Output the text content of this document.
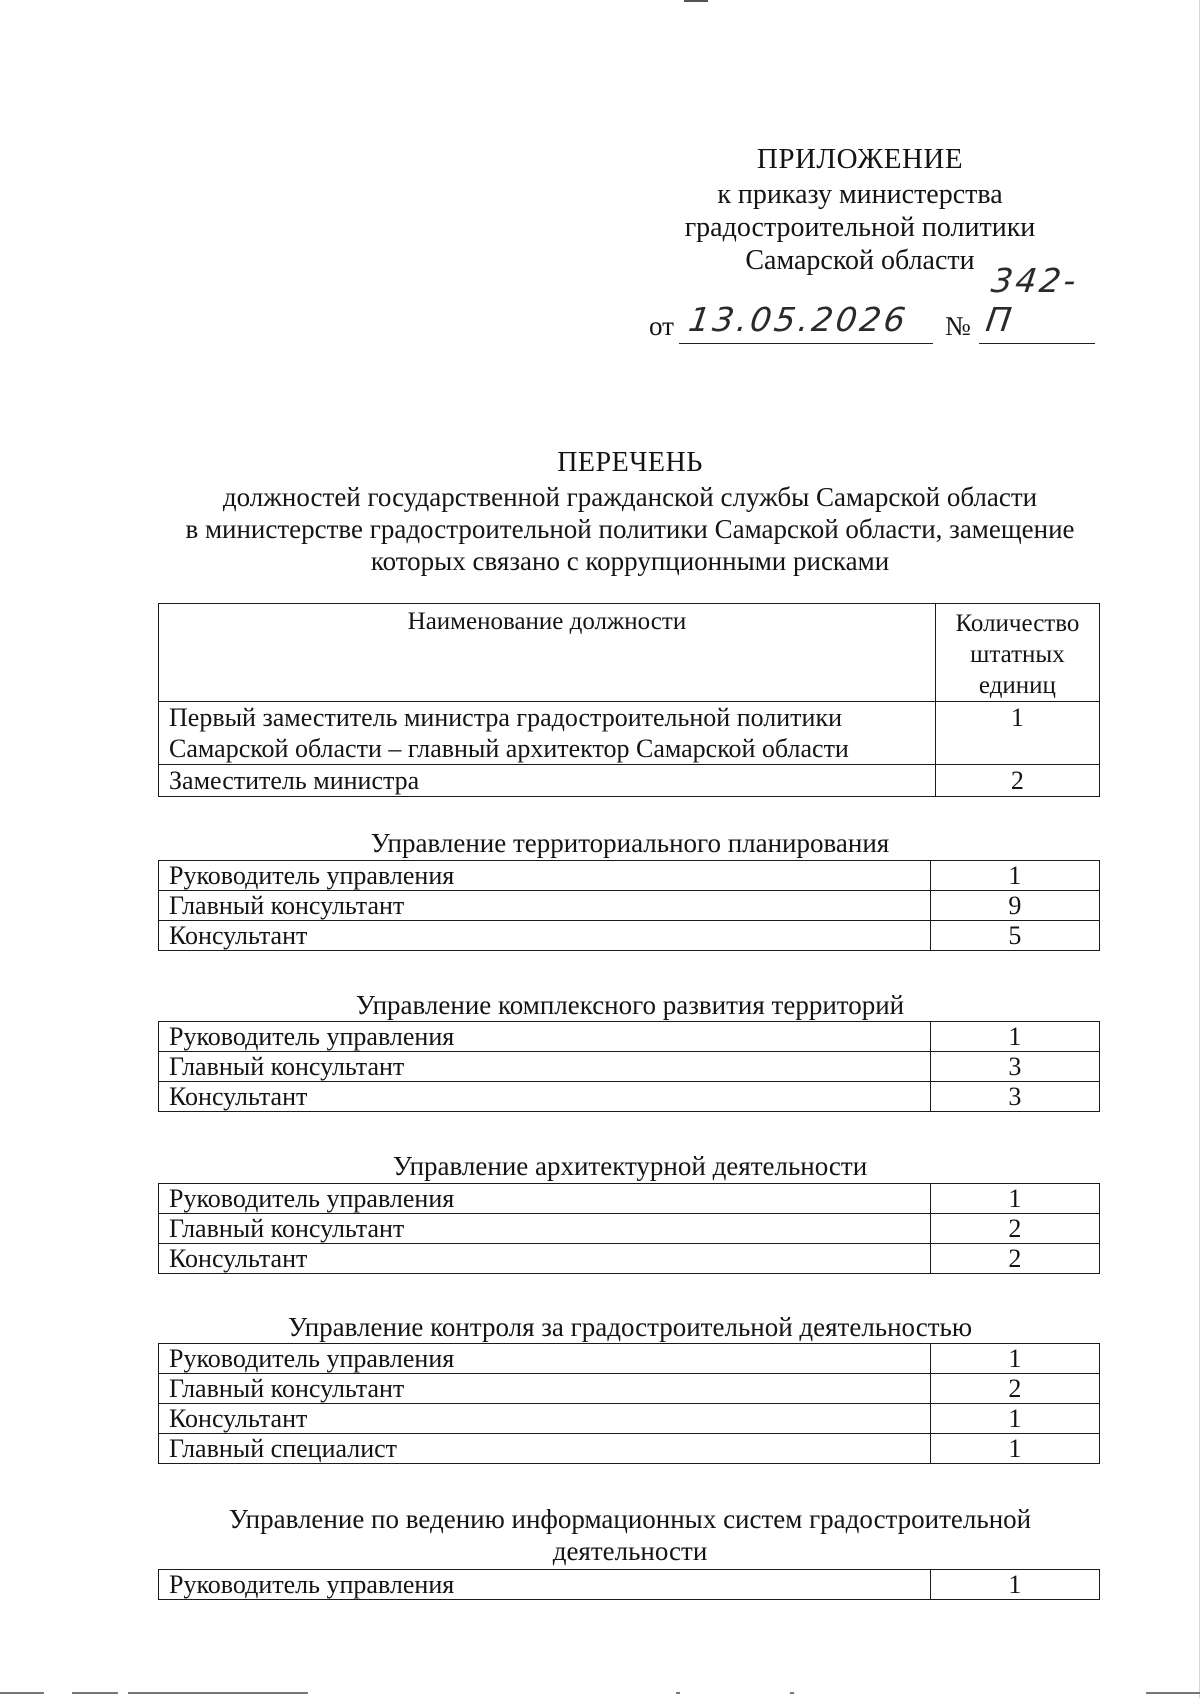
ПРИЛОЖЕНИЕ
к приказу министерства
градостроительной политики
Самарской области
от 13.05.2026 №
342-П
ПЕРЕЧЕНЬ
должностей государственной гражданской службы Самарской области
в министерстве градостроительной политики Самарской области, замещение
которых связано с коррупционными рисками
Наименование должности	Количество
штатных
единиц

Первый заместитель министра градостроительной политики
Самарской области – главный архитектор Самарской области	1
Заместитель министра	2
Управление территориального планирования
Руководитель управления	1
Главный консультант	9
Консультант	5
Управление комплексного развития территорий
Руководитель управления	1
Главный консультант	3
Консультант	3
Управление архитектурной деятельности
Руководитель управления	1
Главный консультант	2
Консультант	2
Управление контроля за градостроительной деятельностью
Руководитель управления	1
Главный консультант	2
Консультант	1
Главный специалист	1
Управление по ведению информационных систем градостроительной
деятельности
Руководитель управления	1
